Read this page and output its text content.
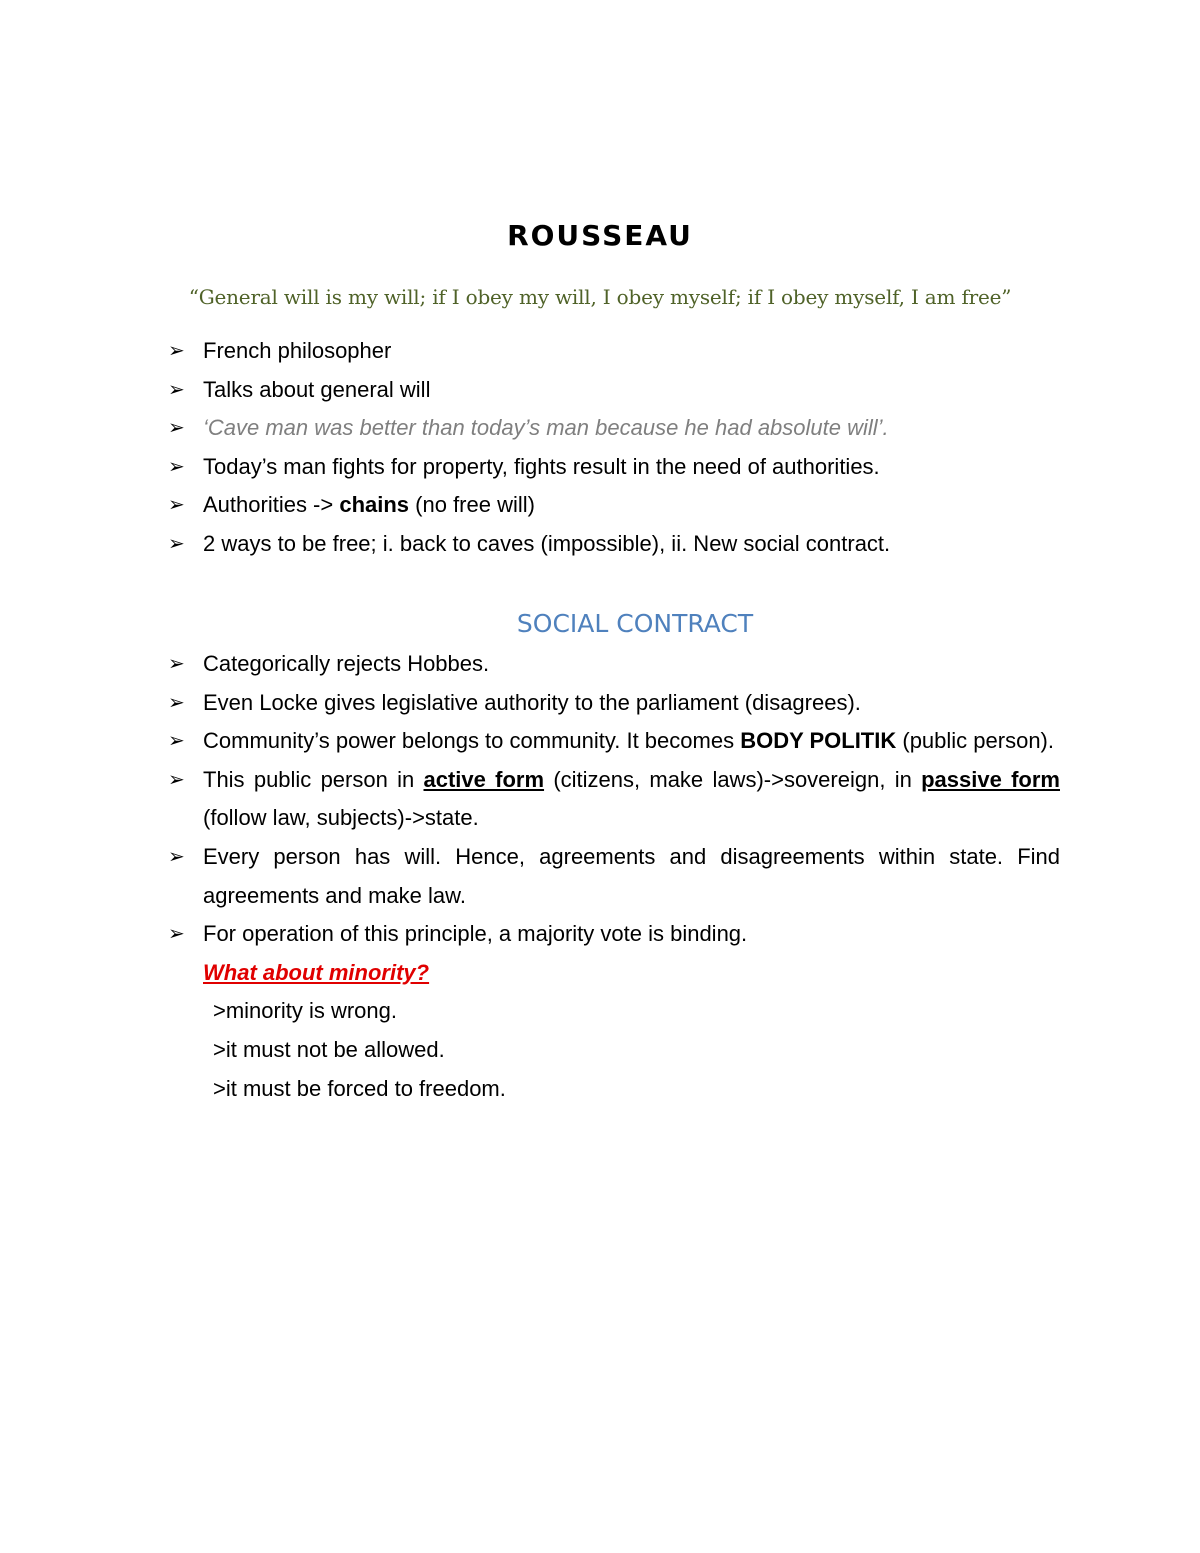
ROUSSEAU
“General will is my will; if I obey my will, I obey myself; if I obey myself, I am free”
➢ French philosopher
➢ Talks about general will
➢ ‘Cave man was better than today’s man because he had absolute will’.
➢ Today’s man fights for property, fights result in the need of authorities.
➢ Authorities -> chains (no free will)
➢ 2 ways to be free; i. back to caves (impossible), ii. New social contract.
SOCIAL CONTRACT
➢ Categorically rejects Hobbes.
➢ Even Locke gives legislative authority to the parliament (disagrees).
➢ Community’s power belongs to community. It becomes BODY POLITIK (public person).
➢ This public person in active form (citizens, make laws)->sovereign, in passive form (follow law, subjects)->state.
➢ Every person has will. Hence, agreements and disagreements within state. Find agreements and make law.
➢ For operation of this principle, a majority vote is binding.
What about minority?
>minority is wrong.
>it must not be allowed.
>it must be forced to freedom.
